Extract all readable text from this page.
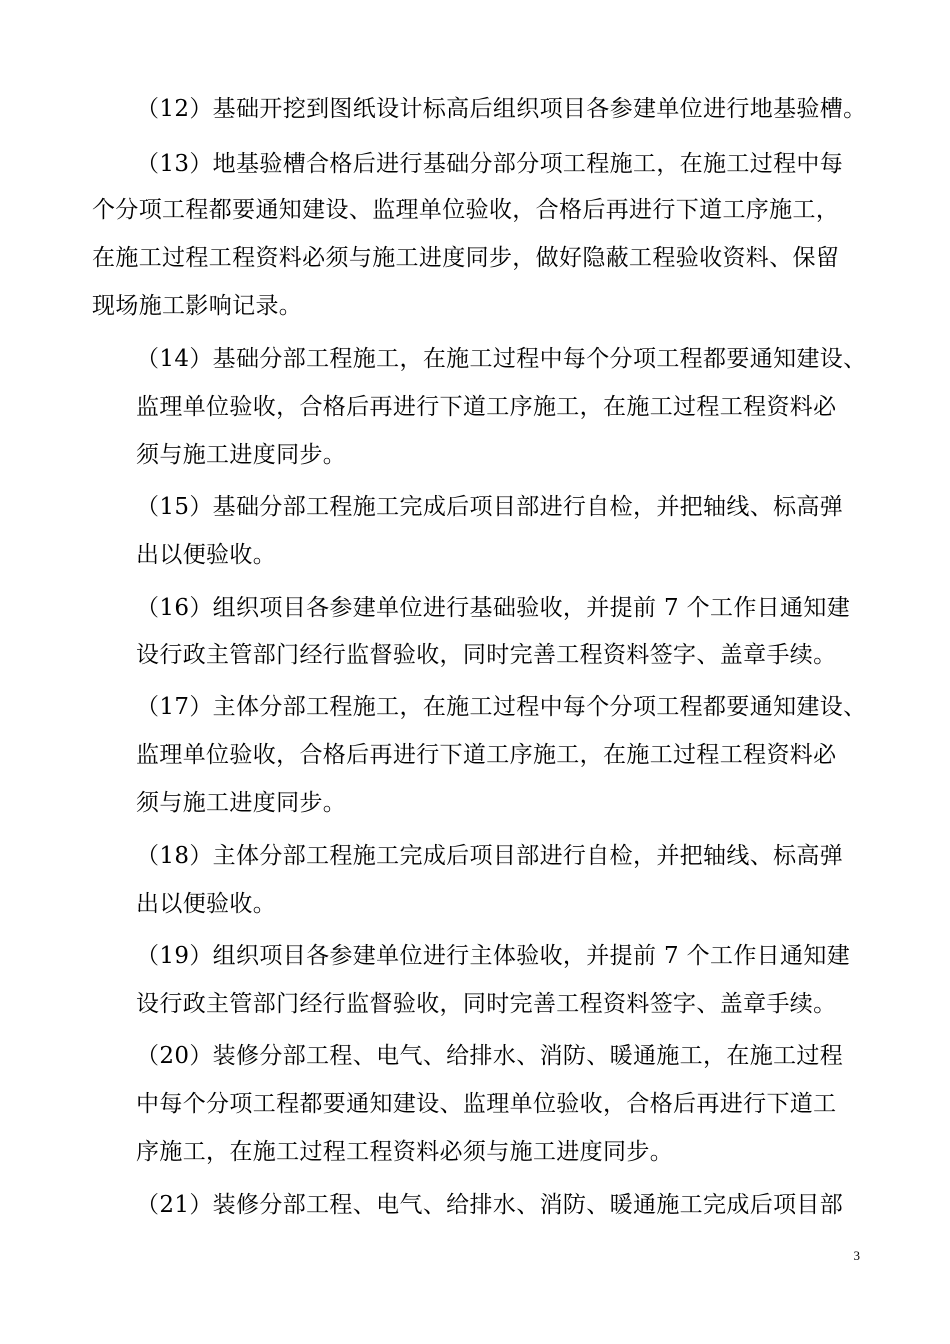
（12）基础开挖到图纸设计标高后组织项目各参建单位进行地基验槽。
（13）地基验槽合格后进行基础分部分项工程施工，在施工过程中每
个分项工程都要通知建设、监理单位验收，合格后再进行下道工序施工，
在施工过程工程资料必须与施工进度同步，做好隐蔽工程验收资料、保留
现场施工影响记录。
（14）基础分部工程施工，在施工过程中每个分项工程都要通知建设、
监理单位验收，合格后再进行下道工序施工，在施工过程工程资料必
须与施工进度同步。
（15）基础分部工程施工完成后项目部进行自检，并把轴线、标高弹
出以便验收。
（16）组织项目各参建单位进行基础验收，并提前 7 个工作日通知建
设行政主管部门经行监督验收，同时完善工程资料签字、盖章手续。
（17）主体分部工程施工，在施工过程中每个分项工程都要通知建设、
监理单位验收，合格后再进行下道工序施工，在施工过程工程资料必
须与施工进度同步。
（18）主体分部工程施工完成后项目部进行自检，并把轴线、标高弹
出以便验收。
（19）组织项目各参建单位进行主体验收，并提前 7 个工作日通知建
设行政主管部门经行监督验收，同时完善工程资料签字、盖章手续。
（20）装修分部工程、电气、给排水、消防、暖通施工，在施工过程
中每个分项工程都要通知建设、监理单位验收，合格后再进行下道工
序施工，在施工过程工程资料必须与施工进度同步。
（21）装修分部工程、电气、给排水、消防、暖通施工完成后项目部
3
